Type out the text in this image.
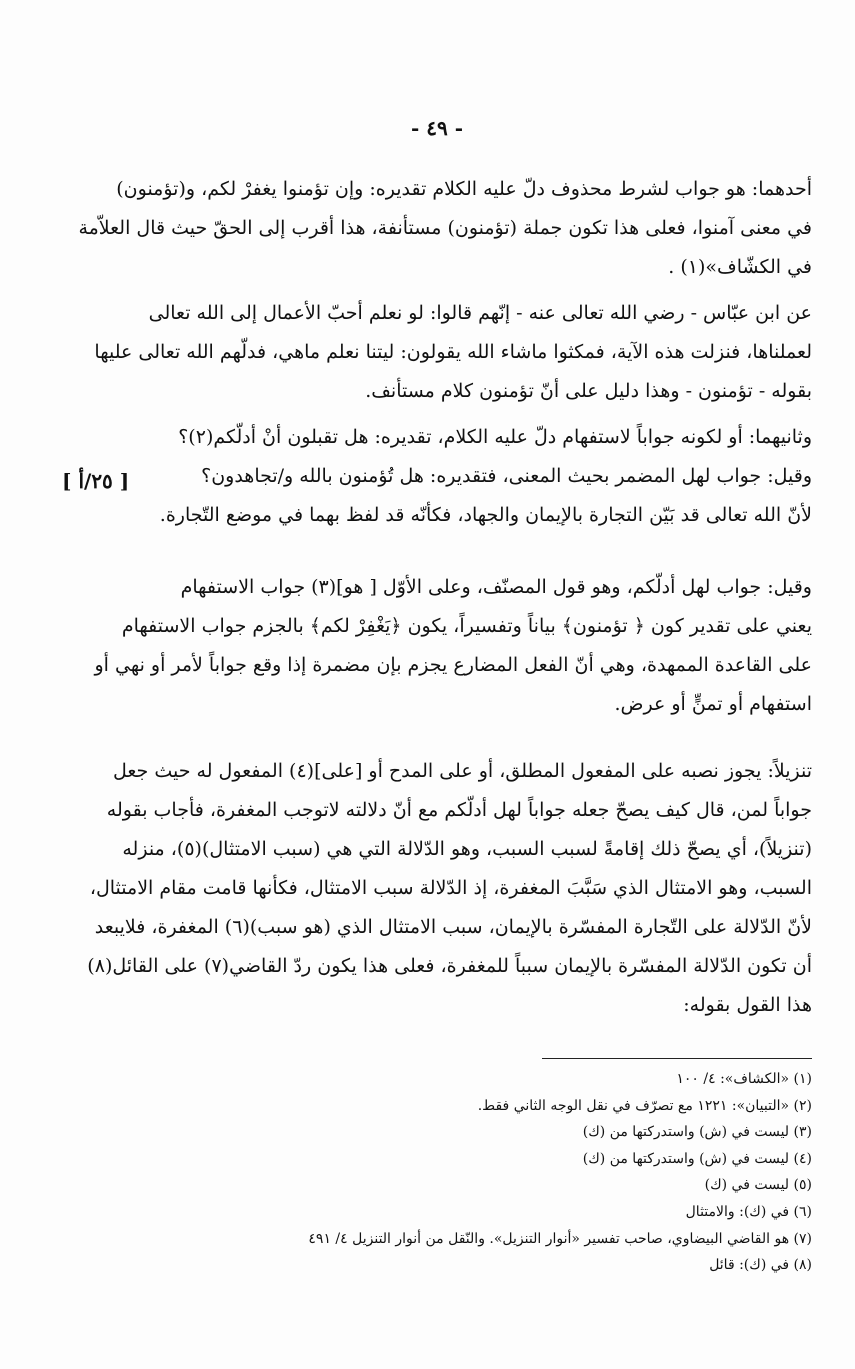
- ٤٩ -
[ ٢٥/أ ]

أحدهما: هو جواب لشرط محذوف دلّ عليه الكلام تقديره: وإن تؤمنوا يغفرْ لكم، و(تؤمنون)

في معنى آمنوا، فعلى هذا تكون جملة (تؤمنون) مستأنفة، هذا أقرب إلى الحقّ حيث قال العلاّمة

في الكشّاف»(١) .

عن ابن عبّاس - رضي الله تعالى عنه - إنّهم قالوا: لو نعلم أحبّ الأعمال إلى الله تعالى

لعملناها، فنزلت هذه الآية، فمكثوا ماشاء الله يقولون: ليتنا نعلم ماهي، فدلّهم الله تعالى عليها

بقوله - تؤمنون - وهذا دليل على أنّ تؤمنون كلام مستأنف.

وثانيهما: أو لكونه جواباً لاستفهام دلّ عليه الكلام، تقديره: هل تقبلون أنْ أدلّكم(٢)؟

وقيل: جواب لهل المضمر بحيث المعنى، فتقديره: هل تُؤمنون بالله و/تجاهدون؟

لأنّ الله تعالى قد بَيّن التجارة بالإيمان والجهاد، فكأنّه قد لفظ بهما في موضع التّجارة.

وقيل: جواب لهل أدلّكم، وهو قول المصنّف، وعلى الأوّل [ هو](٣) جواب الاستفهام

يعني على تقدير كون ﴿ تؤمنون﴾ بياناً وتفسيراً، يكون ﴿يَغْفِرْ لكم﴾ بالجزم جواب الاستفهام

على القاعدة الممهدة، وهي أنّ الفعل المضارع يجزم بإن مضمرة إذا وقع جواباً لأمر أو نهي أو

استفهام أو تمنٍّ أو عرض.

تنزيلاً: يجوز نصبه على المفعول المطلق، أو على المدح أو [على](٤) المفعول له حيث جعل

جواباً لمن، قال كيف يصحّ جعله جواباً لهل أدلّكم مع أنّ دلالته لاتوجب المغفرة، فأجاب بقوله

(تنزيلاً)، أي يصحّ ذلك إقامةً لسبب السبب، وهو الدّلالة التي هي (سبب الامتثال)(٥)، منزله

السبب، وهو الامتثال الذي سَبَّبَ المغفرة، إذ الدّلالة سبب الامتثال، فكأنها قامت مقام الامتثال،

لأنّ الدّلالة على التّجارة المفسّرة بالإيمان، سبب الامتثال الذي (هو سبب)(٦) المغفرة، فلايبعد

أن تكون الدّلالة المفسّرة بالإيمان سبباً للمغفرة، فعلى هذا يكون ردّ القاضي(٧) على القائل(٨)

هذا القول بقوله:

(١) «الكشاف»: ٤/ ١٠٠
(٢) «التبيان»: ١٢٢١ مع تصرّف في نقل الوجه الثاني فقط.
(٣) ليست في (ش) واستدركتها من (ك)
(٤) ليست في (ش) واستدركتها من (ك)
(٥) ليست في (ك)
(٦) في (ك): والامتثال
(٧) هو القاضي البيضاوي، صاحب تفسير «أنوار التنزيل». والنّقل من أنوار التنزيل ٤/ ٤٩١
(٨) في (ك): قائل
